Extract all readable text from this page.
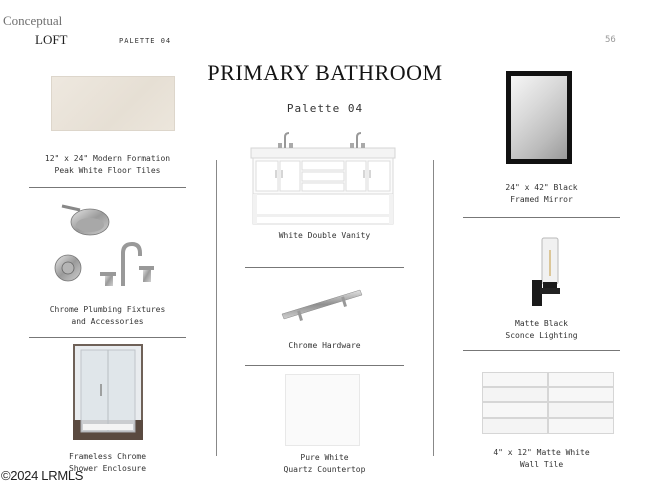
Conceptual
LOFT	PALETTE 04	56
PRIMARY BATHROOM
Palette 04
12" x 24" Modern Formation
Peak White Floor Tiles
Chrome Plumbing Fixtures
and Accessories
Frameless Chrome
Shower Enclosure
White Double Vanity
Chrome Hardware
Pure White
Quartz Countertop
24" x 42" Black
Framed Mirror
Matte Black
Sconce Lighting
4" x 12" Matte White
Wall Tile
©2024 LRMLS
